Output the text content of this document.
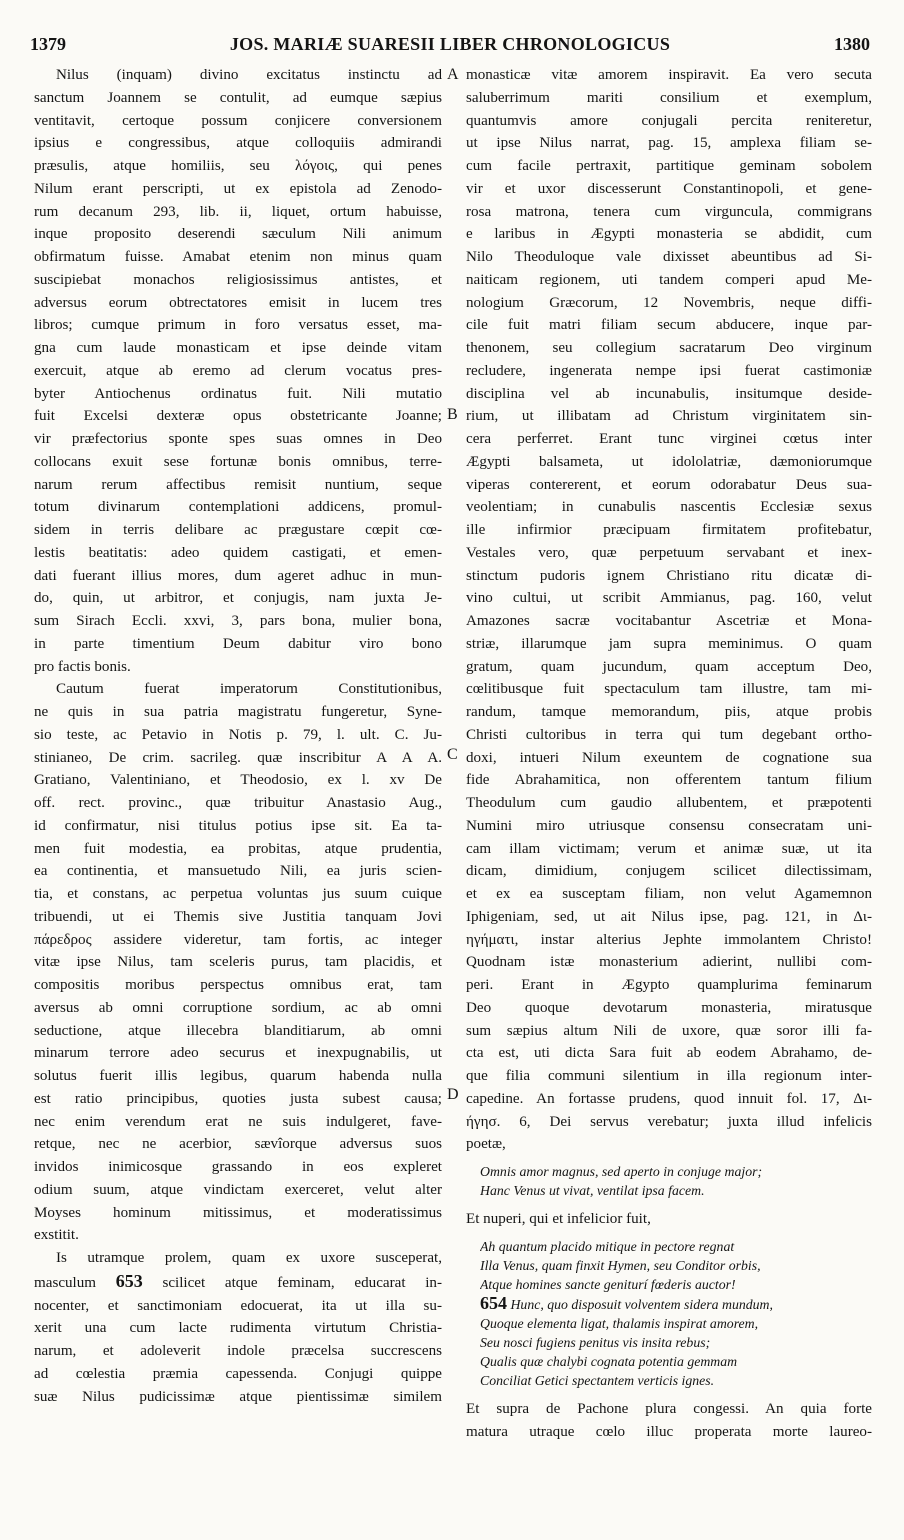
1379	JOS. MARIÆ SUARESII LIBER CHRONOLOGICUS	1380
A
B
C
D
Nilus (inquam) divino excitatus instinctu ad
sanctum Joannem se contulit, ad eumque sæpius
ventitavit, certoque possum conjicere conversionem
ipsius e congressibus, atque colloquiis admirandi
præsulis, atque homiliis, seu λόγοις, qui penes
Nilum erant perscripti, ut ex epistola ad Zenodo-
rum decanum 293, lib. ii, liquet, ortum habuisse,
inque proposito deserendi sæculum Nili animum
obfirmatum fuisse. Amabat etenim non minus quam
suscipiebat monachos religiosissimus antistes, et
adversus eorum obtrectatores emisit in lucem tres
libros; cumque primum in foro versatus esset, ma-
gna cum laude monasticam et ipse deinde vitam
exercuit, atque ab eremo ad clerum vocatus pres-
byter Antiochenus ordinatus fuit. Nili mutatio
fuit Excelsi dexteræ opus obstetricante Joanne;
vir præfectorius sponte spes suas omnes in Deo
collocans exuit sese fortunæ bonis omnibus, terre-
narum rerum affectibus remisit nuntium, seque
totum divinarum contemplationi addicens, promul-
sidem in terris delibare ac prægustare cœpit cœ-
lestis beatitatis: adeo quidem castigati, et emen-
dati fuerant illius mores, dum ageret adhuc in mun-
do, quin, ut arbitror, et conjugis, nam juxta Je-
sum Sirach Eccli. xxvi, 3, pars bona, mulier bona,
in parte timentium Deum dabitur viro bono
pro factis bonis.
Cautum fuerat imperatorum Constitutionibus,
ne quis in sua patria magistratu fungeretur, Syne-
sio teste, ac Petavio in Notis p. 79, l. ult. C. Ju-
stinianeo, De crim. sacrileg. quæ inscribitur A A A.
Gratiano, Valentiniano, et Theodosio, ex l. xv De
off. rect. provinc., quæ tribuitur Anastasio Aug.,
id confirmatur, nisi titulus potius ipse sit. Ea ta-
men fuit modestia, ea probitas, atque prudentia,
ea continentia, et mansuetudo Nili, ea juris scien-
tia, et constans, ac perpetua voluntas jus suum cuique
tribuendi, ut ei Themis sive Justitia tanquam Jovi
πάρεδρος assidere videretur, tam fortis, ac integer
vitæ ipse Nilus, tam sceleris purus, tam placidis, et
compositis moribus perspectus omnibus erat, tam
aversus ab omni corruptione sordium, ac ab omni
seductione, atque illecebra blanditiarum, ab omni
minarum terrore adeo securus et inexpugnabilis, ut
solutus fuerit illis legibus, quarum habenda nulla
est ratio principibus, quoties justa subest causa;
nec enim verendum erat ne suis indulgeret, fave-
retque, nec ne acerbior, sævîorque adversus suos
invidos inimicosque grassando in eos expleret
odium suum, atque vindictam exerceret, velut alter
Moyses hominum mitissimus, et moderatissimus
exstitit.
Is utramque prolem, quam ex uxore susceperat,
masculum 653 scilicet atque feminam, educarat in-
nocenter, et sanctimoniam edocuerat, ita ut illa su-
xerit una cum lacte rudimenta virtutum Christia-
narum, et adoleverit indole præcelsa succrescens
ad cœlestia præmia capessenda. Conjugi quippe
suæ Nilus pudicissimæ atque pientissimæ similem
monasticæ vitæ amorem inspiravit. Ea vero secuta
saluberrimum mariti consilium et exemplum,
quantumvis amore conjugali percita reniteretur,
ut ipse Nilus narrat, pag. 15, amplexa filiam se-
cum facile pertraxit, partitique geminam sobolem
vir et uxor discesserunt Constantinopoli, et gene-
rosa matrona, tenera cum virguncula, commigrans
e laribus in Ægypti monasteria se abdidit, cum
Nilo Theoduloque vale dixisset abeuntibus ad Si-
naiticam regionem, uti tandem comperi apud Me-
nologium Græcorum, 12 Novembris, neque diffi-
cile fuit matri filiam secum abducere, inque par-
thenonem, seu collegium sacratarum Deo virginum
recludere, ingenerata nempe ipsi fuerat castimoniæ
disciplina vel ab incunabulis, insitumque deside-
rium, ut illibatam ad Christum virginitatem sin-
cera perferret. Erant tunc virginei cœtus inter
Ægypti balsameta, ut idololatriæ, dæmoniorumque
viperas contererent, et eorum odorabatur Deus sua-
veolentiam; in cunabulis nascentis Ecclesiæ sexus
ille infirmior præcipuam firmitatem profitebatur,
Vestales vero, quæ perpetuum servabant et inex-
stinctum pudoris ignem Christiano ritu dicatæ di-
vino cultui, ut scribit Ammianus, pag. 160, velut
Amazones sacræ vocitabantur Ascetriæ et Mona-
striæ, illarumque jam supra meminimus. O quam
gratum, quam jucundum, quam acceptum Deo,
cœlitibusque fuit spectaculum tam illustre, tam mi-
randum, tamque memorandum, piis, atque probis
Christi cultoribus in terra qui tum degebant ortho-
doxi, intueri Nilum exeuntem de cognatione sua
fide Abrahamitica, non offerentem tantum filium
Theodulum cum gaudio allubentem, et præpotenti
Numini miro utriusque consensu consecratam uni-
cam illam victimam; verum et animæ suæ, ut ita
dicam, dimidium, conjugem scilicet dilectissimam,
et ex ea susceptam filiam, non velut Agamemnon
Iphigeniam, sed, ut ait Nilus ipse, pag. 121, in Δι-
ηγήματι, instar alterius Jephte immolantem Christo!
Quodnam istæ monasterium adierint, nullibi com-
peri. Erant in Ægypto quamplurima feminarum
Deo quoque devotarum monasteria, miratusque
sum sæpius altum Nili de uxore, quæ soror illi fa-
cta est, uti dicta Sara fuit ab eodem Abrahamo, de-
que filia communi silentium in illa regionum inter-
capedine. An fortasse prudens, quod innuit fol. 17, Δι-
ήγησ. 6, Dei servus verebatur; juxta illud infelicis
poetæ,
Omnis amor magnus, sed aperto in conjuge major;
Hanc Venus ut vivat, ventilat ipsa facem.
Et nuperi, qui et infelicior fuit,
Ah quantum placido mitique in pectore regnat
Illa Venus, quam finxit Hymen, seu Conditor orbis,
Atque homines sancte geniturí fœderis auctor!
654 Hunc, quo disposuit volventem sidera mundum,
Quoque elementa ligat, thalamis inspirat amorem,
Seu nosci fugiens penitus vis insita rebus;
Qualis quæ chalybi cognata potentia gemmam
Conciliat Getici spectantem verticis ignes.
Et supra de Pachone plura congessi. An quia forte
matura utraque cœlo illuc properata morte laureo-
